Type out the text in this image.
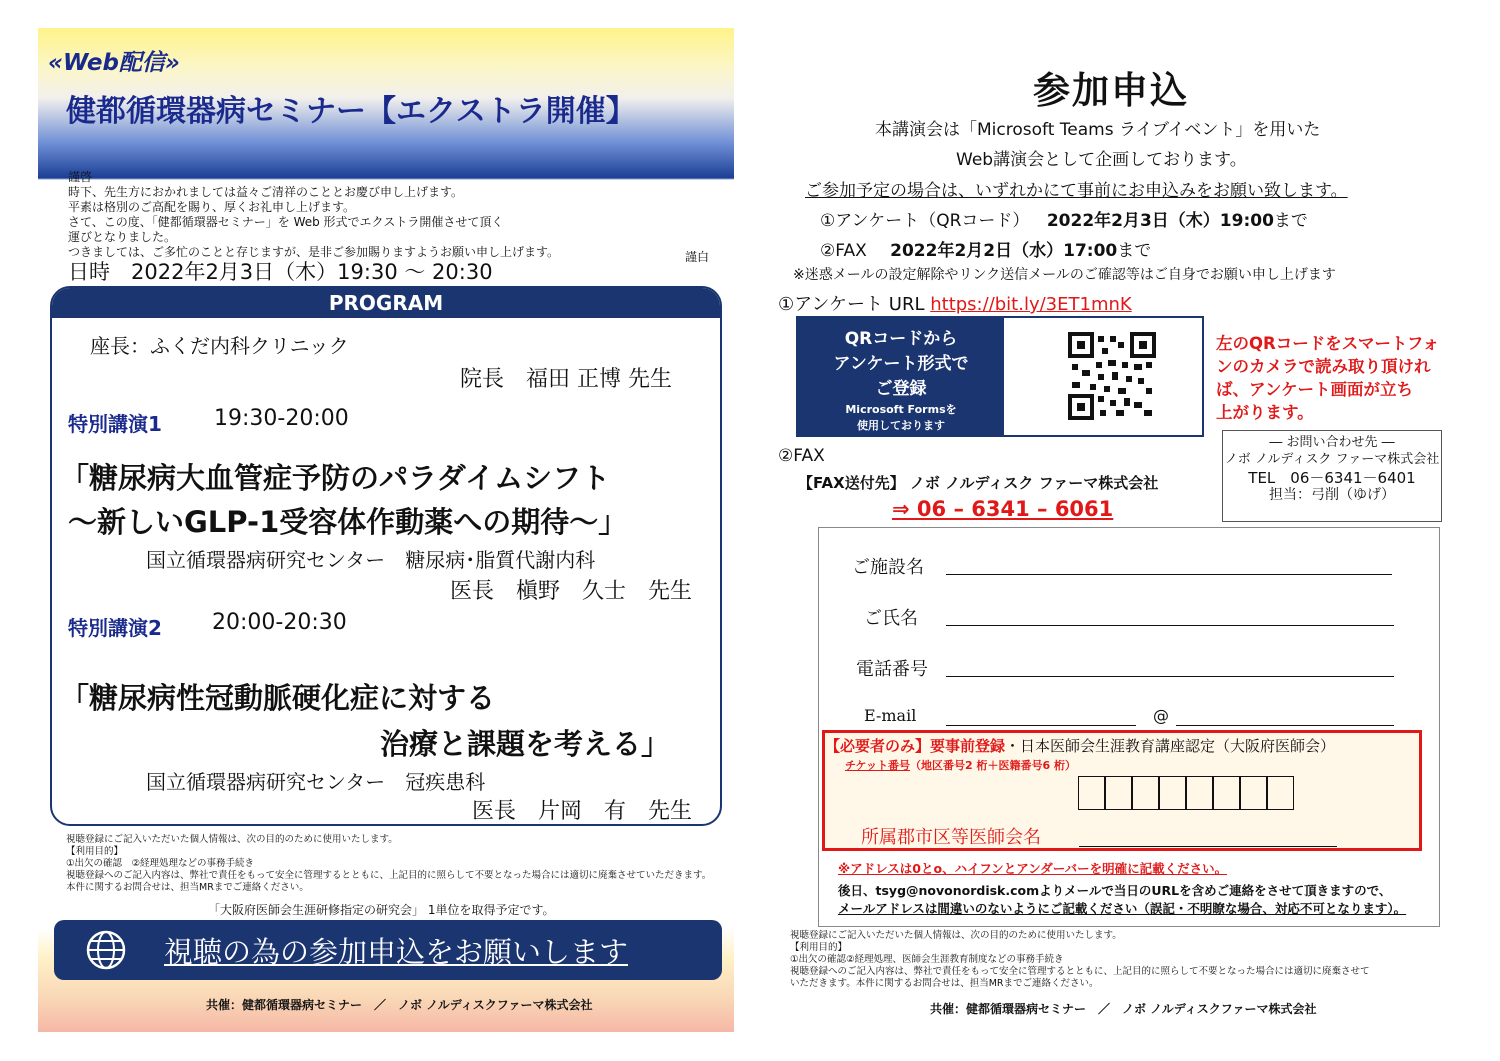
«Web配信»
健都循環器病セミナー【エクストラ開催】
謹啓
時下、先生方におかれましては益々ご清祥のこととお慶び申し上げます。
平素は格別のご高配を賜り、厚くお礼申し上げます。
さて、この度、「健都循環器セミナー」を Web 形式でエクストラ開催させて頂く
運びとなりました。
つきましては、ご多忙のことと存じますが、是非ご参加賜りますようお願い申し上げます。	謹白
日時　2022年2月3日（木）19:30 ～ 20:30
PROGRAM
座長：ふくだ内科クリニック
院長　福田 正博 先生
特別講演1 19:30-20:00
「糖尿病大血管症予防のパラダイムシフト
～新しいGLP-1受容体作動薬への期待～」
国立循環器病研究センター　糖尿病･脂質代謝内科
医長　槇野　久士　先生
特別講演2 20:00-20:30
「糖尿病性冠動脈硬化症に対する
治療と課題を考える」
国立循環器病研究センター　冠疾患科
医長　片岡　有　先生
視聴登録にご記入いただいた個人情報は、次の目的のために使用いたします。
【利用目的】
①出欠の確認　②経理処理などの事務手続き
視聴登録へのご記入内容は、弊社で責任をもって安全に管理するとともに、上記目的に照らして不要となった場合には適切に廃棄させていただきます。
本件に関するお問合せは、担当MRまでご連絡ください。
「大阪府医師会生涯研修指定の研究会」 1単位を取得予定です。
視聴の為の参加申込をお願いします
共催：健都循環器病セミナー　／　ノボ ノルディスクファーマ株式会社
参加申込
本講演会は「Microsoft Teams ライブイベント」を用いた
Web講演会として企画しております。
ご参加予定の場合は、いずれかにて事前にお申込みをお願い致します。
①アンケート（QRコード） 2022年2月3日（木）19:00まで
②FAX 2022年2月2日（水）17:00まで
※迷惑メールの設定解除やリンク送信メールのご確認等はご自身でお願い申し上げます
①アンケート URL https://bit.ly/3ET1mnK
QRコードから
アンケート形式で
ご登録
Microsoft Formsを
使用しております
左のQRコードをスマートフォ
ンのカメラで読み取り頂けれ
ば、アンケート画面が立ち
上がります。
― お問い合わせ先 ―
ノボ ノルディスク ファーマ株式会社
TEL　06－6341－6401
担当：弓削（ゆげ）
②FAX
【FAX送付先】 ノボ ノルディスク ファーマ株式会社
⇒ 06 – 6341 – 6061
ご施設名
ご氏名
電話番号
E-mail	@
【必要者のみ】要事前登録・日本医師会生涯教育講座認定（大阪府医師会）
チケット番号（地区番号2 桁＋医籍番号6 桁）
所属郡市区等医師会名
※アドレスは0とo、ハイフンとアンダーバーを明確に記載ください。
後日、tsyg@novonordisk.comよりメールで当日のURLを含めご連絡をさせて頂きますので、
メールアドレスは間違いのないようにご記載ください（誤記・不明瞭な場合、対応不可となります）。
視聴登録にご記入いただいた個人情報は、次の目的のために使用いたします。
【利用目的】
①出欠の確認②経理処理、医師会生涯教育制度などの事務手続き
視聴登録へのご記入内容は、弊社で責任をもって安全に管理するとともに、上記目的に照らして不要となった場合には適切に廃棄させて
いただきます。本件に関するお問合せは、担当MRまでご連絡ください。
共催：健都循環器病セミナー　／　ノボ ノルディスクファーマ株式会社
